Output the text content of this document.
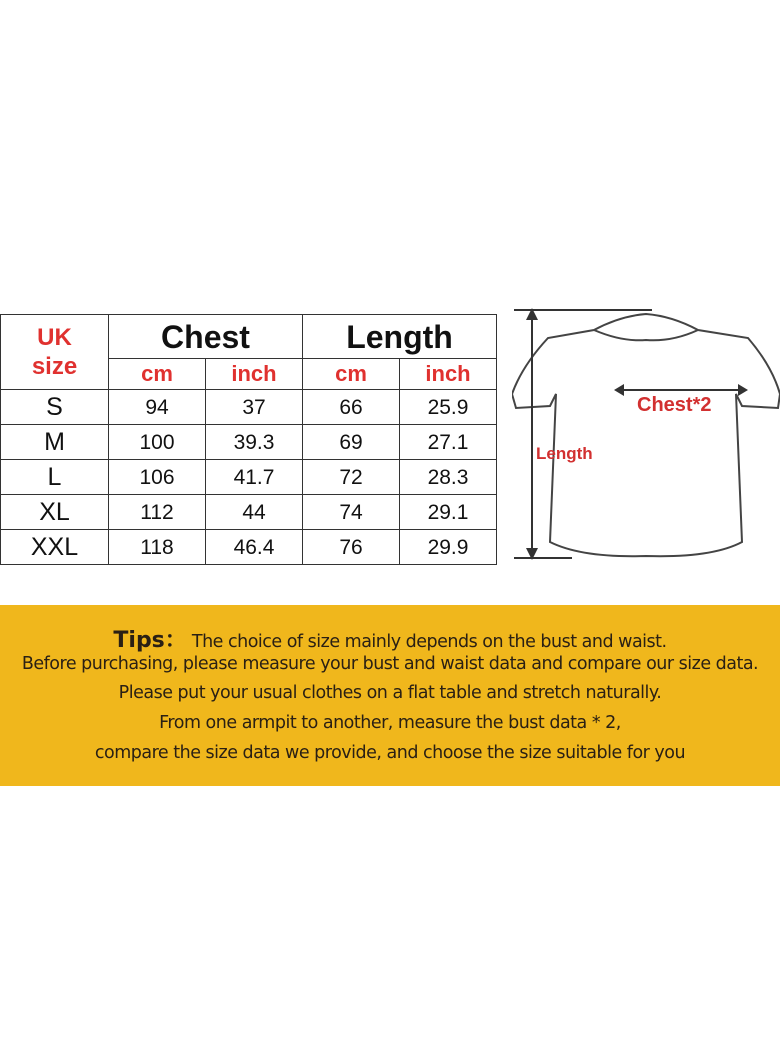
UK
size	Chest		Length	
	cm	inch	cm	inch
S	94	37	66	25.9
M	100	39.3	69	27.1
L	106	41.7	72	28.3
XL	112	44	74	29.1
XXL	118	46.4	76	29.9
Length
Chest*2
Tips： The choice of size mainly depends on the bust and waist.
Before purchasing, please measure your bust and waist data and compare our size data.
Please put your usual clothes on a flat table and stretch naturally.
From one armpit to another, measure the bust data * 2,
compare the size data we provide, and choose the size suitable for you
